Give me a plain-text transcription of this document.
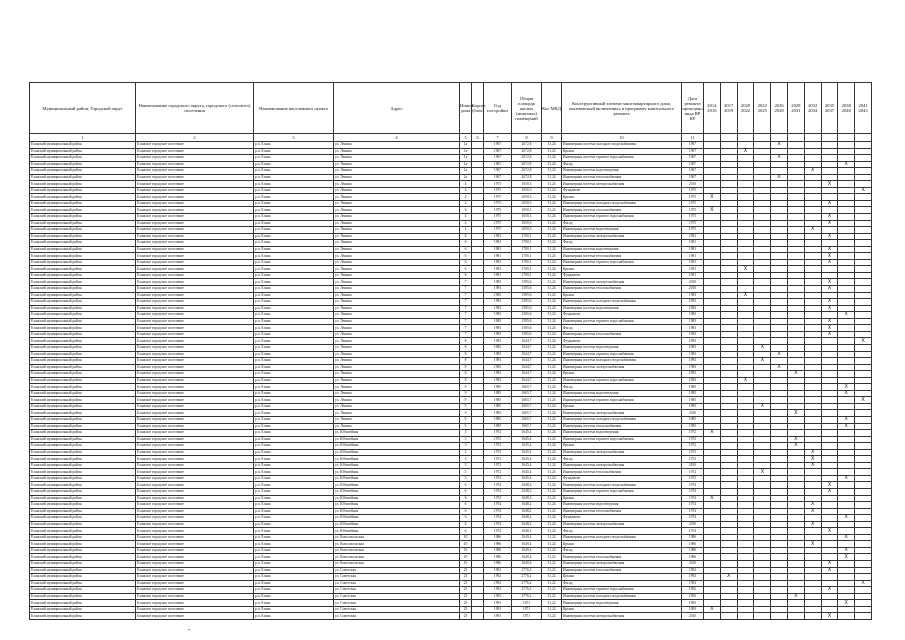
Муниципальный район, Городской округ	Наименование городского округа, городского (сельского) поселения	Наименование населенного пункта	Адрес	Номер дома	Корпус (блок)	Год постройки	Общая площадь жилых (нежилых) помещений	Кол МКД	Конструктивный элемент многоквартирного дома, оказываемый включенных в программу капитального ремонта	Дата ремонта проведено вида ВР КР	2014 2016	2017 2019	2020 2022	2023 2025	2026 2028	2029 2031	2032 2034	2035 2037	2038 2040	2041 2043
1	2	3	4	5	6	7	8	9	10	11										
Еланский муниципальный район	Еланское городское поселение	р.п. Елань	ул. Ленина	1а		1967	2672,8	31,24	Инженерная система холодного водоснабжения	1967					X					
Еланский муниципальный район	Еланское городское поселение	р.п. Елань	ул. Ленина	1а		1967	2672,8	31,24	Крыша	1967			X							
Еланский муниципальный район	Еланское городское поселение	р.п. Елань	ул. Ленина	1а		1967	2672,8	31,24	Инженерная система горячего водоснабжения	1967					X					
Еланский муниципальный район	Еланское городское поселение	р.п. Елань	ул. Ленина	1а		1967	2672,8	31,24	Фасад	1967									X	
Еланский муниципальный район	Еланское городское поселение	р.п. Елань	ул. Ленина	1а		1967	2672,8	31,24	Инженерная система водоотведения	1967							X			
Еланский муниципальный район	Еланское городское поселение	р.п. Елань	ул. Ленина	1а		1967	2672,8	31,24	Инженерная система теплоснабжения	1967					X					
Еланский муниципальный район	Еланское городское поселение	р.п. Елань	ул. Ленина	4		1975	1650,3	31,24	Инженерная система электроснабжения	2010								X		
Еланский муниципальный район	Еланское городское поселение	р.п. Елань	ул. Ленина	4		1975	1650,3	31,24	Фундамент	1975										X
Еланский муниципальный район	Еланское городское поселение	р.п. Елань	ул. Ленина	4		1975	1650,3	31,24	Крыша	1975	X									
Еланский муниципальный район	Еланское городское поселение	р.п. Елань	ул. Ленина	4		1975	1650,3	31,24	Инженерная система холодного водоснабжения	1975								X		
Еланский муниципальный район	Еланское городское поселение	р.п. Елань	ул. Ленина	4		1975	1650,3	31,24	Инженерная система теплоснабжения	1975	X									
Еланский муниципальный район	Еланское городское поселение	р.п. Елань	ул. Ленина	4		1975	1650,3	31,24	Инженерная система горячего водоснабжения	1975								X		
Еланский муниципальный район	Еланское городское поселение	р.п. Елань	ул. Ленина	4		1975	1650,3	31,24	Фасад	1975								X		
Еланский муниципальный район	Еланское городское поселение	р.п. Елань	ул. Ленина	4		1975	1650,3	31,24	Инженерная система водоотведения	1975							X			
Еланский муниципальный район	Еланское городское поселение	р.п. Елань	ул. Ленина	6		1981	1700,1	31,24	Инженерная система электроснабжения	1981								X		
Еланский муниципальный район	Еланское городское поселение	р.п. Елань	ул. Ленина	6		1981	1700,1	31,24	Фасад	1981										
Еланский муниципальный район	Еланское городское поселение	р.п. Елань	ул. Ленина	6		1981	1700,1	31,24	Инженерная система водоотведения	1981								X		
Еланский муниципальный район	Еланское городское поселение	р.п. Елань	ул. Ленина	6		1981	1700,1	31,24	Инженерная система теплоснабжения	1981								X		
Еланский муниципальный район	Еланское городское поселение	р.п. Елань	ул. Ленина	6		1981	1700,1	31,24	Инженерная система горячего водоснабжения	1981								X		
Еланский муниципальный район	Еланское городское поселение	р.п. Елань	ул. Ленина	6		1981	1700,1	31,24	Крыша	1981			X							
Еланский муниципальный район	Еланское городское поселение	р.п. Елань	ул. Ленина	6		1981	1700,1	31,24	Фундамент	1981										
Еланский муниципальный район	Еланское городское поселение	р.п. Елань	ул. Ленина	7		1983	1585,6	31,24	Инженерная система электроснабжения	2010								X		
Еланский муниципальный район	Еланское городское поселение	р.п. Елань	ул. Ленина	7		1983	1585,6	31,24	Инженерная система теплоснабжения	2010								X		
Еланский муниципальный район	Еланское городское поселение	р.п. Елань	ул. Ленина	7		1983	1585,6	31,24	Крыша	1983			X							
Еланский муниципальный район	Еланское городское поселение	р.п. Елань	ул. Ленина	7		1983	1585,6	31,24	Инженерная система холодного водоснабжения	1983								X		
Еланский муниципальный район	Еланское городское поселение	р.п. Елань	ул. Ленина	7		1983	1585,6	31,24	Инженерная система водоотведения	1983								X		
Еланский муниципальный район	Еланское городское поселение	р.п. Елань	ул. Ленина	7		1983	1585,6	31,24	Фундамент	1983									X	
Еланский муниципальный район	Еланское городское поселение	р.п. Елань	ул. Ленина	7		1983	1585,6	31,24	Инженерная система горячего водоснабжения	1983								X		
Еланский муниципальный район	Еланское городское поселение	р.п. Елань	ул. Ленина	7		1983	1585,6	31,24	Фасад	1983								X		
Еланский муниципальный район	Еланское городское поселение	р.п. Елань	ул. Ленина	7		1983	1585,6	31,24	Инженерная система теплоснабжения	1983								X		
Еланский муниципальный район	Еланское городское поселение	р.п. Елань	ул. Ленина	8		1983	1644,7	31,24	Фундамент	1983										X
Еланский муниципальный район	Еланское городское поселение	р.п. Елань	ул. Ленина	8		1983	1644,7	31,24	Инженерная система водоотведения	1983				X						
Еланский муниципальный район	Еланское городское поселение	р.п. Елань	ул. Ленина	8		1983	1644,7	31,24	Инженерная система горячего водоснабжения	1983					X					
Еланский муниципальный район	Еланское городское поселение	р.п. Елань	ул. Ленина	8		1983	1644,7	31,24	Инженерная система холодного водоснабжения	1983				X						
Еланский муниципальный район	Еланское городское поселение	р.п. Елань	ул. Ленина	8		1983	1644,7	31,24	Инженерная система электроснабжения	1983					X					
Еланский муниципальный район	Еланское городское поселение	р.п. Елань	ул. Ленина	8		1983	1644,7	31,24	Крыша	1983						X				
Еланский муниципальный район	Еланское городское поселение	р.п. Елань	ул. Ленина	8		1983	1644,7	31,24	Инженерная система горячего водоснабжения	1983			X							
Еланский муниципальный район	Еланское городское поселение	р.п. Елань	ул. Ленина	9		1985	1665,7	31,24	Фасад	1985									X	
Еланский муниципальный район	Еланское городское поселение	р.п. Елань	ул. Ленина	9		1985	1665,7	31,24	Инженерная система водоотведения	1985									X	
Еланский муниципальный район	Еланское городское поселение	р.п. Елань	ул. Ленина	9		1985	1665,7	31,24	Инженерная система горячего водоснабжения	1985										X
Еланский муниципальный район	Еланское городское поселение	р.п. Елань	ул. Ленина	9		1985	1665,7	31,24	Крыша	1985				X						
Еланский муниципальный район	Еланское городское поселение	р.п. Елань	ул. Ленина	9		1985	1665,7	31,24	Инженерная система электроснабжения	2010						X				
Еланский муниципальный район	Еланское городское поселение	р.п. Елань	ул. Ленина	9		1985	1665,7	31,24	Инженерная система холодного водоснабжения	1985									X	
Еланский муниципальный район	Еланское городское поселение	р.п. Елань	ул. Ленина	9		1985	1665,7	31,24	Инженерная система теплоснабжения	1985									X	
Еланский муниципальный район	Еланское городское поселение	р.п. Елань	ул. Юбилейная	3		1972	1645,4	31,24	Инженерная система водоотведения	1972	X									
Еланский муниципальный район	Еланское городское поселение	р.п. Елань	ул. Юбилейная	3		1972	1645,4	31,24	Инженерная система горячего водоснабжения	1972						X				
Еланский муниципальный район	Еланское городское поселение	р.п. Елань	ул. Юбилейная	3		1972	1645,4	31,24	Крыша	1972						X				
Еланский муниципальный район	Еланское городское поселение	р.п. Елань	ул. Юбилейная	3		1972	1645,4	31,24	Инженерная система электроснабжения	1972							X			
Еланский муниципальный район	Еланское городское поселение	р.п. Елань	ул. Юбилейная	3		1972	1645,4	31,24	Фасад	1972							X			
Еланский муниципальный район	Еланское городское поселение	р.п. Елань	ул. Юбилейная	3		1972	1645,4	31,24	Инженерная система электроснабжения	2010							X			
Еланский муниципальный район	Еланское городское поселение	р.п. Елань	ул. Юбилейная	3		1972	1645,4	31,24	Инженерная система теплоснабжения	1972				X						
Еланский муниципальный район	Еланское городское поселение	р.п. Елань	ул. Юбилейная	3		1972	1645,4	31,24	Фундамент	1972									X	
Еланский муниципальный район	Еланское городское поселение	р.п. Елань	ул. Юбилейная	6		1974	1648,2	31,24	Инженерная система холодного водоснабжения	1974								X		
Еланский муниципальный район	Еланское городское поселение	р.п. Елань	ул. Юбилейная	6		1974	1648,2	31,24	Инженерная система горячего водоснабжения	1974								X		
Еланский муниципальный район	Еланское городское поселение	р.п. Елань	ул. Юбилейная	6		1974	1648,2	31,24	Крыша	1974	X									
Еланский муниципальный район	Еланское городское поселение	р.п. Елань	ул. Юбилейная	6		1974	1648,2	31,24	Инженерная система водоотведения	1974							X			
Еланский муниципальный район	Еланское городское поселение	р.п. Елань	ул. Юбилейная	6		1974	1648,2	31,24	Инженерная система теплоснабжения	1974							X			
Еланский муниципальный район	Еланское городское поселение	р.п. Елань	ул. Юбилейная	6		1974	1648,2	31,24	Фундамент	1974									X	
Еланский муниципальный район	Еланское городское поселение	р.п. Елань	ул. Юбилейная	6		1974	1648,2	31,24	Инженерная система электроснабжения	2010							X			
Еланский муниципальный район	Еланское городское поселение	р.п. Елань	ул. Юбилейная	6		1974	1648,2	31,24	Фасад	1974								X		
Еланский муниципальный район	Еланское городское поселение	р.п. Елань	ул. Комсомольская	10		1986	1649,4	31,22	Инженерная система холодного водоснабжения	1986									X	
Еланский муниципальный район	Еланское городское поселение	р.п. Елань	ул. Комсомольская	10		1986	1649,4	31,22	Крыша	1986							X			
Еланский муниципальный район	Еланское городское поселение	р.п. Елань	ул. Комсомольская	10		1986	1649,4	31,22	Фасад	1986									X	
Еланский муниципальный район	Еланское городское поселение	р.п. Елань	ул. Комсомольская	10		1986	1649,4	31,22	Инженерная система теплоснабжения	1986									X	
Еланский муниципальный район	Еланское городское поселение	р.п. Елань	ул. Комсомольская	10		1986	1649,4	31,22	Инженерная система электроснабжения	2010								X		
Еланский муниципальный район	Еланское городское поселение	р.п. Елань	ул. Советская	23		1992	2776,2	31,22	Инженерная система теплоснабжения	1992								X		
Еланский муниципальный район	Еланское городское поселение	р.п. Елань	ул. Советская	23		1992	2776,2	31,22	Крыша	1992		X								
Еланский муниципальный район	Еланское городское поселение	р.п. Елань	ул. Советская	23		1992	2776,2	31,22	Фасад	1992										X
Еланский муниципальный район	Еланское городское поселение	р.п. Елань	ул. Советская	23		1992	2776,2	31,22	Инженерная система горячего водоснабжения	1992								X		
Еланский муниципальный район	Еланское городское поселение	р.п. Елань	ул. Советская	23		1992	2776,2	31,22	Инженерная система холодного водоснабжения	1992						X				
Еланский муниципальный район	Еланское городское поселение	р.п. Елань	ул. Советская	25		1993	1871	31,22	Инженерная система водоотведения	1993									X	
Еланский муниципальный район	Еланское городское поселение	р.п. Елань	ул. Советская	25		1993	1871	31,22	Крыша	1993	X									
Еланский муниципальный район	Еланское городское поселение	р.п. Елань	ул. Советская	25		1993	1871	31,22	Инженерная система электроснабжения	2010								X		
-
